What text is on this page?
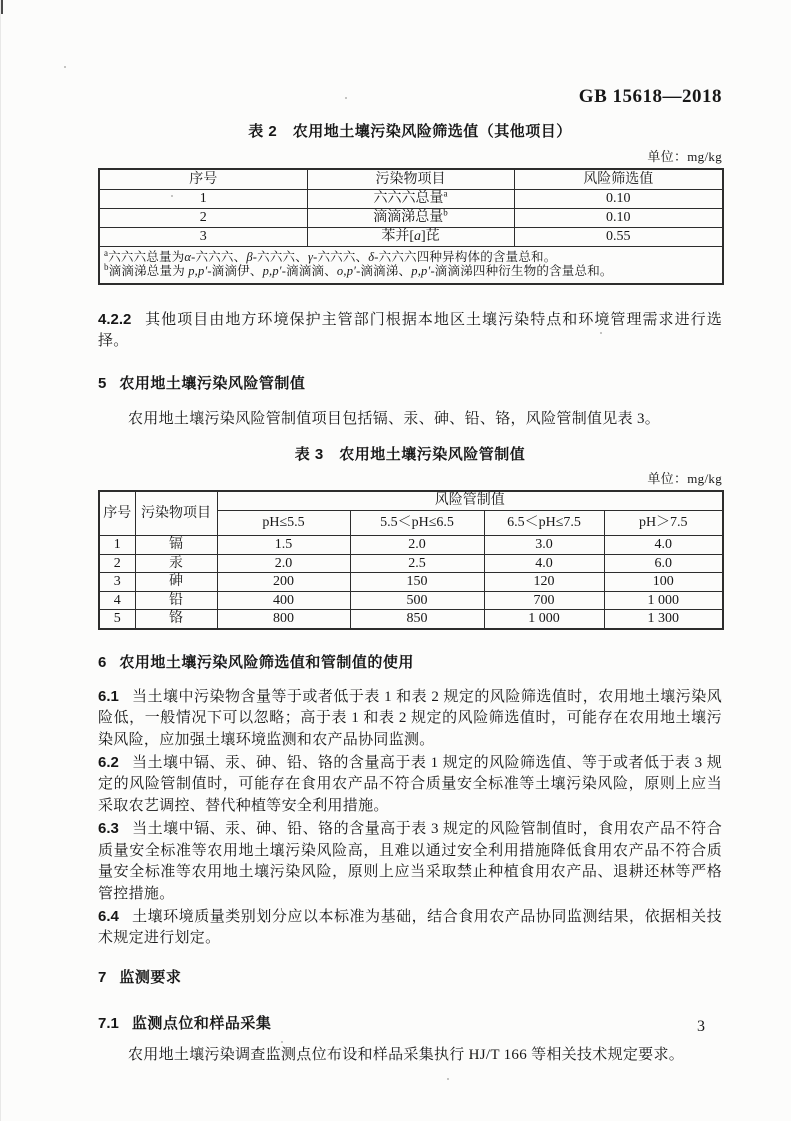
GB 15618—2018
表 2　农用地土壤污染风险筛选值（其他项目）
单位：mg/kg
序号	污染物项目	风险筛选值
1	六六六总量$^a$	0.10
2	滴滴涕总量$^b$	0.10
3	苯并[a]芘	0.55

$^a$六六六总量为α-六六六、β-六六六、γ-六六六、δ-六六六四种异构体的含量总和。
$^b$滴滴涕总量为 p,p′-滴滴伊、p,p′-滴滴滴、o,p′-滴滴涕、p,p′-滴滴涕四种衍生物的含量总和。		

4.2.2 其他项目由地方环境保护主管部门根据本地区土壤污染特点和环境管理需求进行选择。

5 农用地土壤污染风险管制值

农用地土壤污染风险管制值项目包括镉、汞、砷、铅、铬，风险管制值见表 3。

表 3　农用地土壤污染风险管制值
单位：mg/kg
序号	污染物项目	风险管制值			
		pH≤5.5	5.5＜pH≤6.5	6.5＜pH≤7.5	pH＞7.5
1	镉	1.5	2.0	3.0	4.0
2	汞	2.0	2.5	4.0	6.0
3	砷	200	150	120	100
4	铅	400	500	700	1 000
5	铬	800	850	1 000	1 300
6 农用地土壤污染风险筛选值和管制值的使用

6.1 当土壤中污染物含量等于或者低于表 1 和表 2 规定的风险筛选值时，农用地土壤污染风险低，一般情况下可以忽略；高于表 1 和表 2 规定的风险筛选值时，可能存在农用地土壤污染风险，应加强土壤环境监测和农产品协同监测。

6.2 当土壤中镉、汞、砷、铅、铬的含量高于表 1 规定的风险筛选值、等于或者低于表 3 规定的风险管制值时，可能存在食用农产品不符合质量安全标准等土壤污染风险，原则上应当采取农艺调控、替代种植等安全利用措施。

6.3 当土壤中镉、汞、砷、铅、铬的含量高于表 3 规定的风险管制值时，食用农产品不符合质量安全标准等农用地土壤污染风险高，且难以通过安全利用措施降低食用农产品不符合质量安全标准等农用地土壤污染风险，原则上应当采取禁止种植食用农产品、退耕还林等严格管控措施。

6.4 土壤环境质量类别划分应以本标准为基础，结合食用农产品协同监测结果，依据相关技术规定进行划定。

7 监测要求
7.1 监测点位和样品采集

农用地土壤污染调查监测点位布设和样品采集执行 HJ/T 166 等相关技术规定要求。

3
